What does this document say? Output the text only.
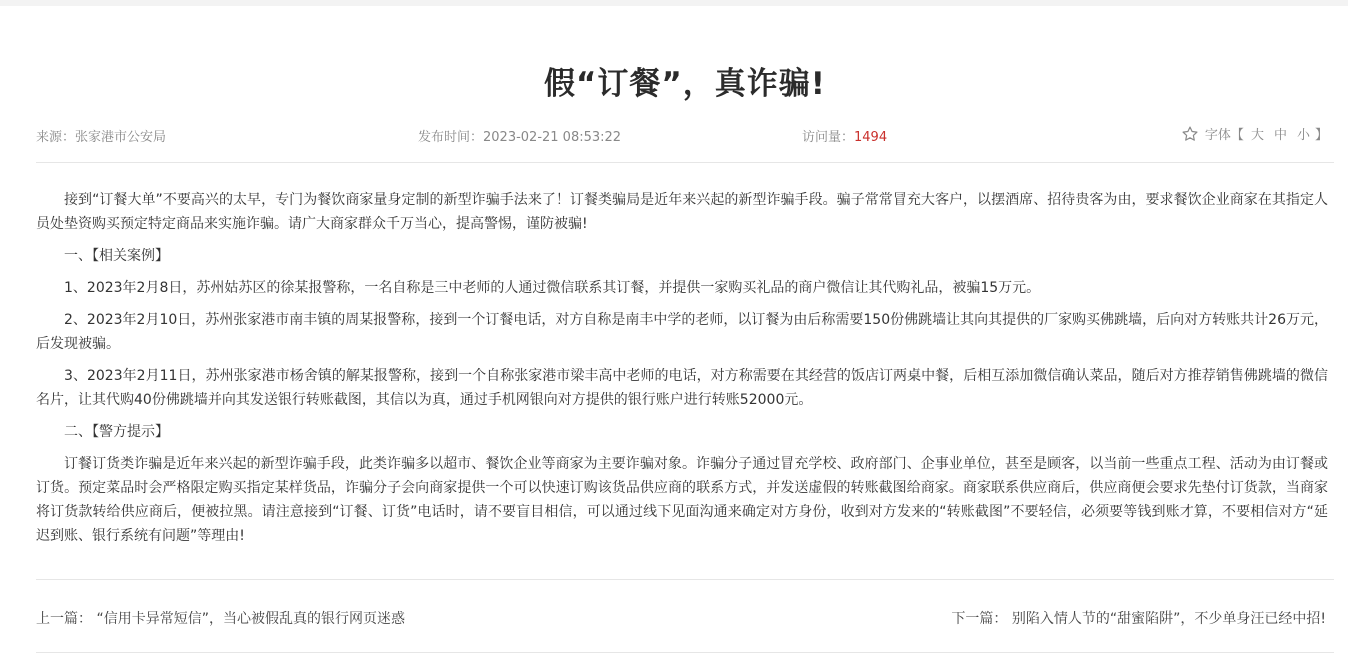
假“订餐”，真诈骗!
来源：张家港市公安局	发布时间：2023-02-21 08:53:22	访问量：1494	字体【 大 中 小 】

接到“订餐大单”不要高兴的太早，专门为餐饮商家量身定制的新型诈骗手法来了！订餐类骗局是近年来兴起的新型诈骗手段。骗子常常冒充大客户，以摆酒席、招待贵客为由，要求餐饮企业商家在其指定人员处垫资购买预定特定商品来实施诈骗。请广大商家群众千万当心，提高警惕，谨防被骗!

一、【相关案例】

1、2023年2月8日，苏州姑苏区的徐某报警称，一名自称是三中老师的人通过微信联系其订餐，并提供一家购买礼品的商户微信让其代购礼品，被骗15万元。

2、2023年2月10日，苏州张家港市南丰镇的周某报警称，接到一个订餐电话，对方自称是南丰中学的老师，以订餐为由后称需要150份佛跳墙让其向其提供的厂家购买佛跳墙，后向对方转账共计26万元，后发现被骗。

3、2023年2月11日，苏州张家港市杨舍镇的解某报警称，接到一个自称张家港市梁丰高中老师的电话，对方称需要在其经营的饭店订两桌中餐，后相互添加微信确认菜品，随后对方推荐销售佛跳墙的微信名片，让其代购40份佛跳墙并向其发送银行转账截图，其信以为真，通过手机网银向对方提供的银行账户进行转账52000元。

二、【警方提示】

订餐订货类诈骗是近年来兴起的新型诈骗手段，此类诈骗多以超市、餐饮企业等商家为主要诈骗对象。诈骗分子通过冒充学校、政府部门、企事业单位，甚至是顾客，以当前一些重点工程、活动为由订餐或订货。预定菜品时会严格限定购买指定某样货品，诈骗分子会向商家提供一个可以快速订购该货品供应商的联系方式，并发送虚假的转账截图给商家。商家联系供应商后，供应商便会要求先垫付订货款，当商家将订货款转给供应商后，便被拉黑。请注意接到“订餐、订货”电话时，请不要盲目相信，可以通过线下见面沟通来确定对方身份，收到对方发来的“转账截图”不要轻信，必须要等钱到账才算，不要相信对方“延迟到账、银行系统有问题”等理由!

上一篇： “信用卡异常短信”，当心被假乱真的银行网页迷惑	下一篇： 别陷入情人节的“甜蜜陷阱”，不少单身汪已经中招!
